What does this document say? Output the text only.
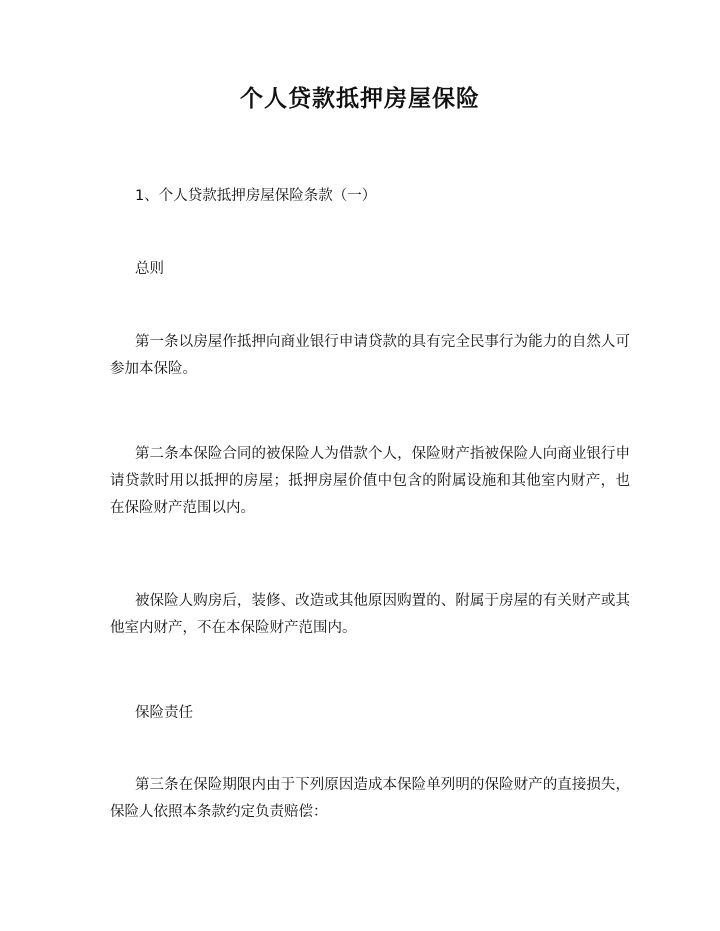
个人贷款抵押房屋保险

1、个人贷款抵押房屋保险条款（一）

总则

第一条以房屋作抵押向商业银行申请贷款的具有完全民事行为能力的自然人可参加本保险。

第二条本保险合同的被保险人为借款个人，保险财产指被保险人向商业银行申请贷款时用以抵押的房屋；抵押房屋价值中包含的附属设施和其他室内财产，也在保险财产范围以内。

被保险人购房后，装修、改造或其他原因购置的、附属于房屋的有关财产或其他室内财产，不在本保险财产范围内。

保险责任

第三条在保险期限内由于下列原因造成本保险单列明的保险财产的直接损失，保险人依照本条款约定负责赔偿：
